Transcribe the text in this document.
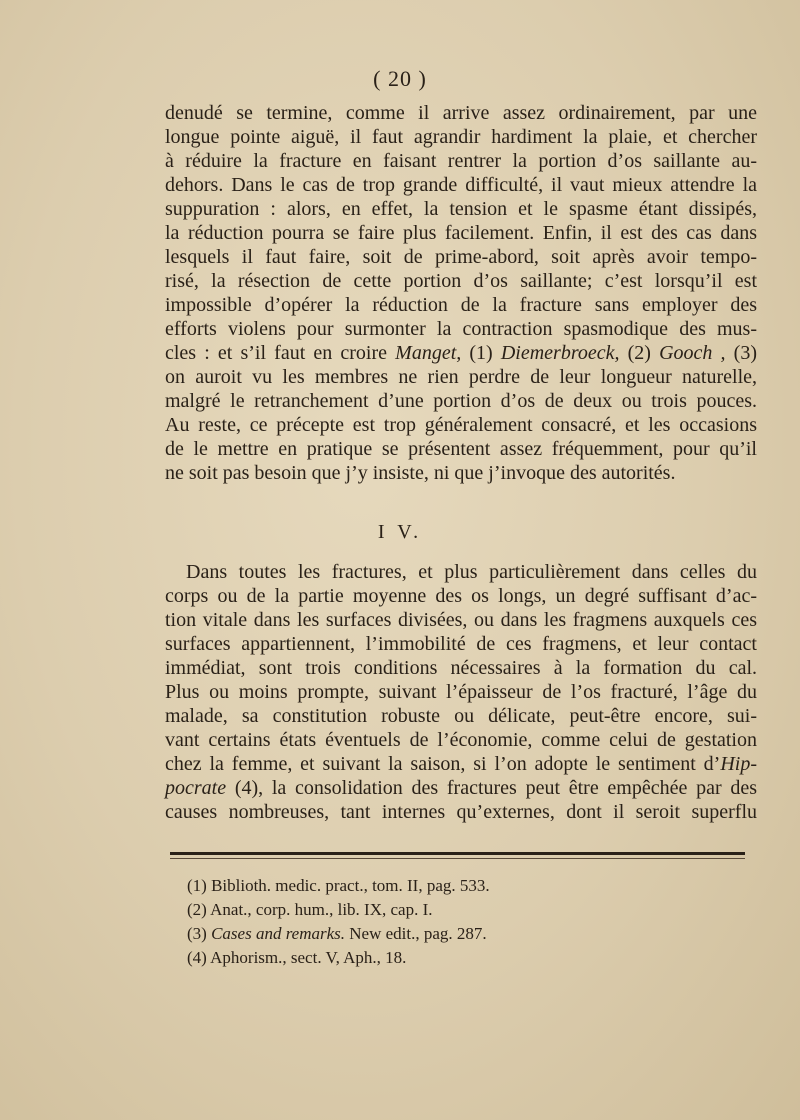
( 20 )
denudé se termine, comme il arrive assez ordinairement, par une
longue pointe aiguë, il faut agrandir hardiment la plaie, et chercher
à réduire la fracture en faisant rentrer la portion d’os saillante au-
dehors. Dans le cas de trop grande difficulté, il vaut mieux attendre la
suppuration : alors, en effet, la tension et le spasme étant dissipés,
la réduction pourra se faire plus facilement. Enfin, il est des cas dans
lesquels il faut faire, soit de prime-abord, soit après avoir tempo-
risé, la résection de cette portion d’os saillante; c’est lorsqu’il est
impossible d’opérer la réduction de la fracture sans employer des
efforts violens pour surmonter la contraction spasmodique des mus-
cles : et s’il faut en croire Manget, (1) Diemerbroeck, (2) Gooch , (3)
on auroit vu les membres ne rien perdre de leur longueur naturelle,
malgré le retranchement d’une portion d’os de deux ou trois pouces.
Au reste, ce précepte est trop généralement consacré, et les occasions
de le mettre en pratique se présentent assez fréquemment, pour qu’il
ne soit pas besoin que j’y insiste, ni que j’invoque des autorités.
I V.
Dans toutes les fractures, et plus particulièrement dans celles du
corps ou de la partie moyenne des os longs, un degré suffisant d’ac-
tion vitale dans les surfaces divisées, ou dans les fragmens auxquels ces
surfaces appartiennent, l’immobilité de ces fragmens, et leur contact
immédiat, sont trois conditions nécessaires à la formation du cal.
Plus ou moins prompte, suivant l’épaisseur de l’os fracturé, l’âge du
malade, sa constitution robuste ou délicate, peut-être encore, sui-
vant certains états éventuels de l’économie, comme celui de gestation
chez la femme, et suivant la saison, si l’on adopte le sentiment d’Hip-
pocrate (4), la consolidation des fractures peut être empêchée par des
causes nombreuses, tant internes qu’externes, dont il seroit superflu
(1) Biblioth. medic. pract., tom. II, pag. 533.
(2) Anat., corp. hum., lib. IX, cap. I.
(3) Cases and remarks. New edit., pag. 287.
(4) Aphorism., sect. V, Aph., 18.
